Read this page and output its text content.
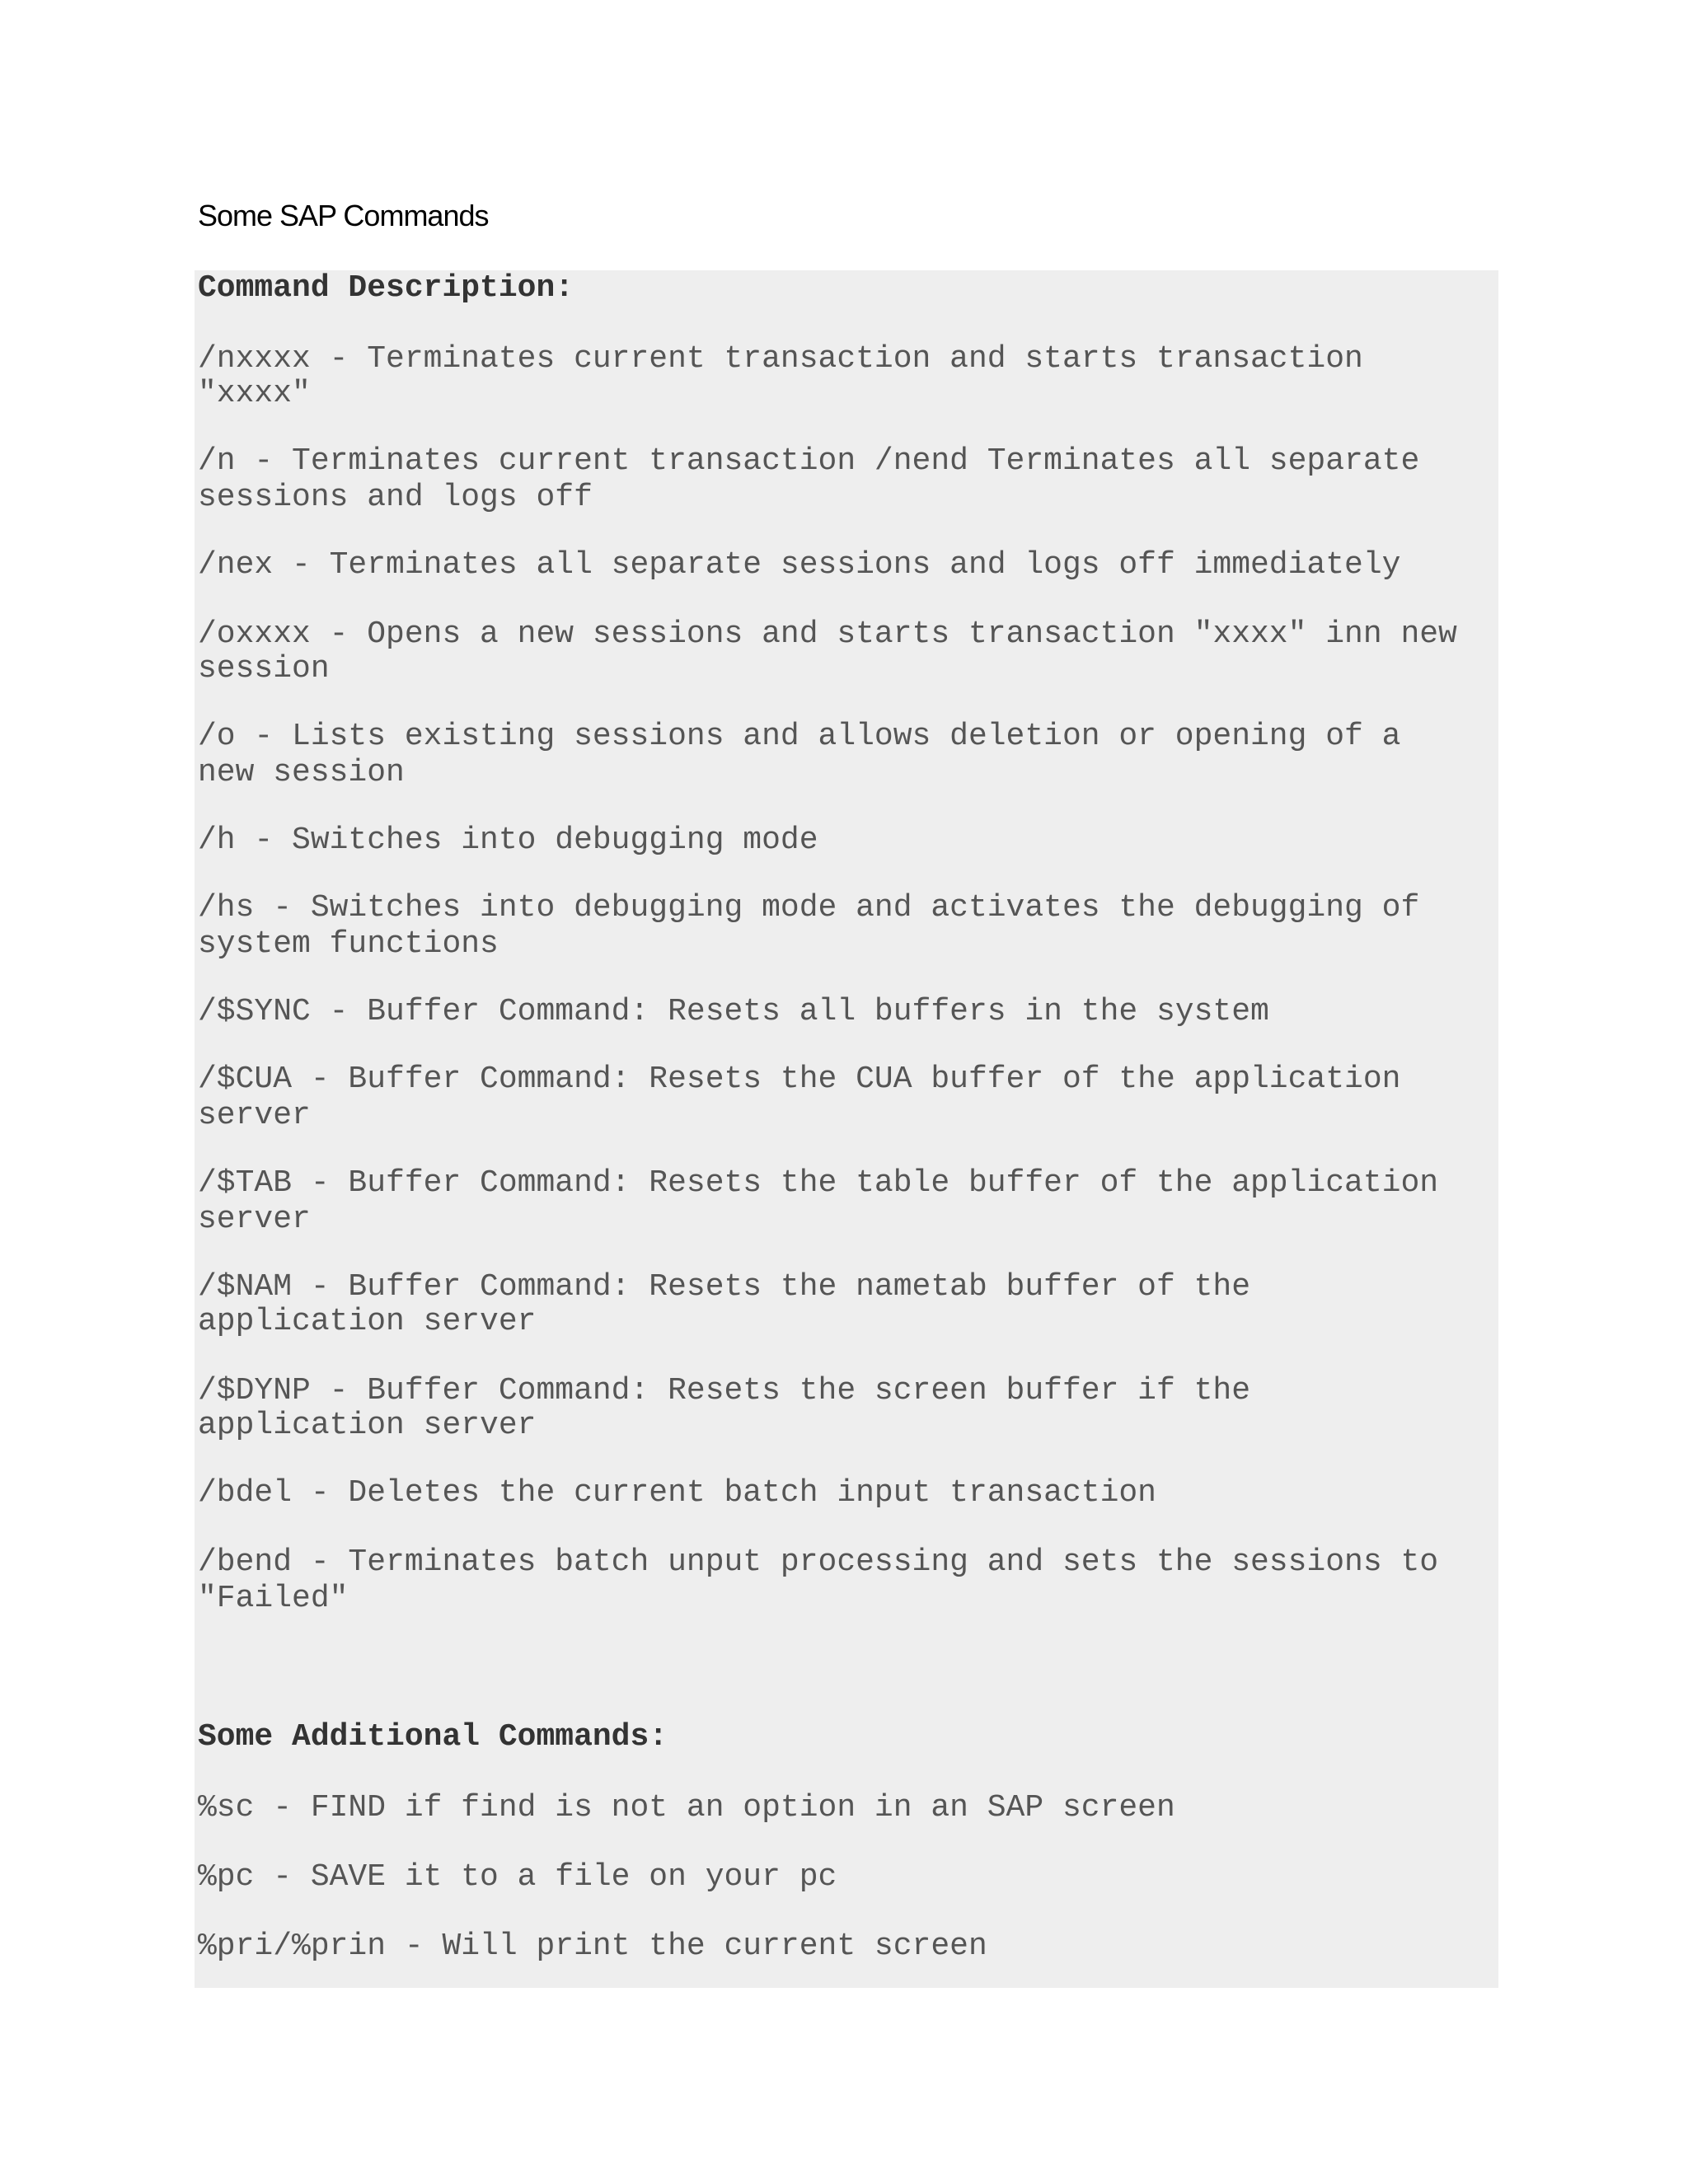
Some SAP Commands

Command Description:

/nxxxx - Terminates current transaction and starts transaction

"xxxx"

/n - Terminates current transaction /nend Terminates all separate

sessions and logs off

/nex - Terminates all separate sessions and logs off immediately

/oxxxx - Opens a new sessions and starts transaction "xxxx" inn new

session

/o - Lists existing sessions and allows deletion or opening of a

new session

/h - Switches into debugging mode

/hs - Switches into debugging mode and activates the debugging of

system functions

/$SYNC - Buffer Command: Resets all buffers in the system

/$CUA - Buffer Command: Resets the CUA buffer of the application

server

/$TAB - Buffer Command: Resets the table buffer of the application

server

/$NAM - Buffer Command: Resets the nametab buffer of the

application server

/$DYNP - Buffer Command: Resets the screen buffer if the

application server

/bdel - Deletes the current batch input transaction

/bend - Terminates batch unput processing and sets the sessions to

"Failed"

Some Additional Commands:

%sc - FIND if find is not an option in an SAP screen

%pc - SAVE it to a file on your pc

%pri/%prin - Will print the current screen
